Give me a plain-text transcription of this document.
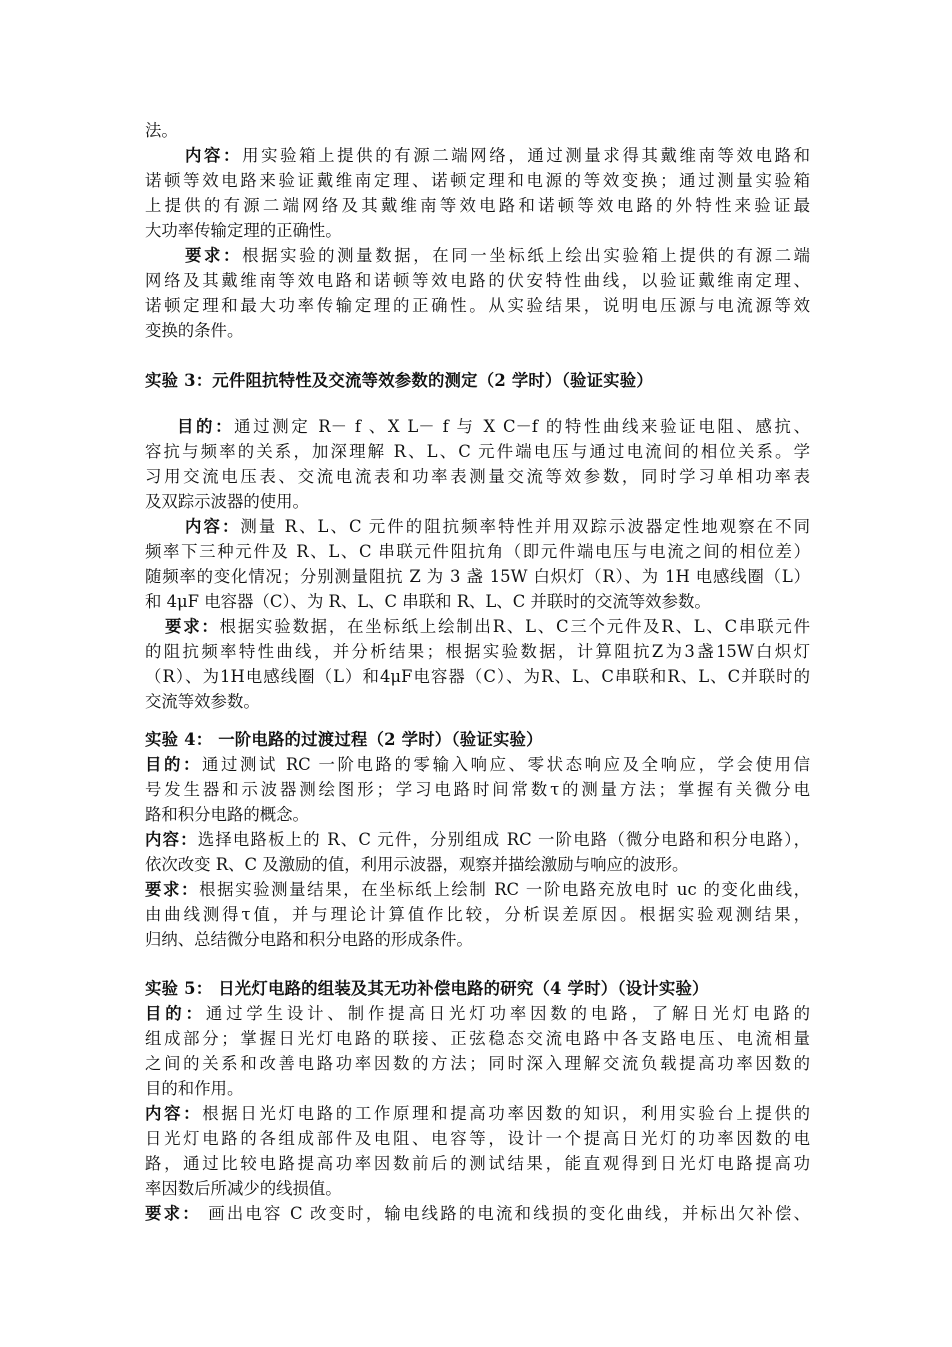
法。
内容：用实验箱上提供的有源二端网络，通过测量求得其戴维南等效电路和
诺顿等效电路来验证戴维南定理、诺顿定理和电源的等效变换；通过测量实验箱
上提供的有源二端网络及其戴维南等效电路和诺顿等效电路的外特性来验证最
大功率传输定理的正确性。
要求：根据实验的测量数据，在同一坐标纸上绘出实验箱上提供的有源二端
网络及其戴维南等效电路和诺顿等效电路的伏安特性曲线，以验证戴维南定理、
诺顿定理和最大功率传输定理的正确性。从实验结果，说明电压源与电流源等效
变换的条件。
实验 3：元件阻抗特性及交流等效参数的测定（2 学时）（验证实验）
目的：通过测定 R－ f 、X L－ f 与 X C－f 的特性曲线来验证电阻、感抗、
容抗与频率的关系，加深理解 R、L、C 元件端电压与通过电流间的相位关系。学
习用交流电压表、交流电流表和功率表测量交流等效参数，同时学习单相功率表
及双踪示波器的使用。
内容：测量 R、L、C 元件的阻抗频率特性并用双踪示波器定性地观察在不同
频率下三种元件及 R、L、C 串联元件阻抗角（即元件端电压与电流之间的相位差）
随频率的变化情况；分别测量阻抗 Z 为 3 盏 15W 白炽灯（R）、为 1H 电感线圈（L）
和 4μF 电容器（C）、为 R、L、C 串联和 R、L、C 并联时的交流等效参数。
要求：根据实验数据，在坐标纸上绘制出R、L、C三个元件及R、L、C串联元件
的阻抗频率特性曲线，并分析结果；根据实验数据，计算阻抗Z为3盏15W白炽灯
（R）、为1H电感线圈（L）和4μF电容器（C）、为R、L、C串联和R、L、C并联时的
交流等效参数。
实验 4： 一阶电路的过渡过程（2 学时）（验证实验）
目的：通过测试 RC 一阶电路的零输入响应、零状态响应及全响应，学会使用信
号发生器和示波器测绘图形；学习电路时间常数τ的测量方法；掌握有关微分电
路和积分电路的概念。
内容：选择电路板上的 R、C 元件，分别组成 RC 一阶电路（微分电路和积分电路），
依次改变 R、C 及激励的值，利用示波器，观察并描绘激励与响应的波形。
要求：根据实验测量结果，在坐标纸上绘制 RC 一阶电路充放电时 uc 的变化曲线，
由曲线测得τ值，并与理论计算值作比较，分析误差原因。根据实验观测结果，
归纳、总结微分电路和积分电路的形成条件。
实验 5： 日光灯电路的组装及其无功补偿电路的研究（4 学时）（设计实验）
目的：通过学生设计、制作提高日光灯功率因数的电路，了解日光灯电路的
组成部分；掌握日光灯电路的联接、正弦稳态交流电路中各支路电压、电流相量
之间的关系和改善电路功率因数的方法；同时深入理解交流负载提高功率因数的
目的和作用。
内容：根据日光灯电路的工作原理和提高功率因数的知识，利用实验台上提供的
日光灯电路的各组成部件及电阻、电容等，设计一个提高日光灯的功率因数的电
路，通过比较电路提高功率因数前后的测试结果，能直观得到日光灯电路提高功
率因数后所减少的线损值。
要求： 画出电容 C 改变时，输电线路的电流和线损的变化曲线，并标出欠补偿、
